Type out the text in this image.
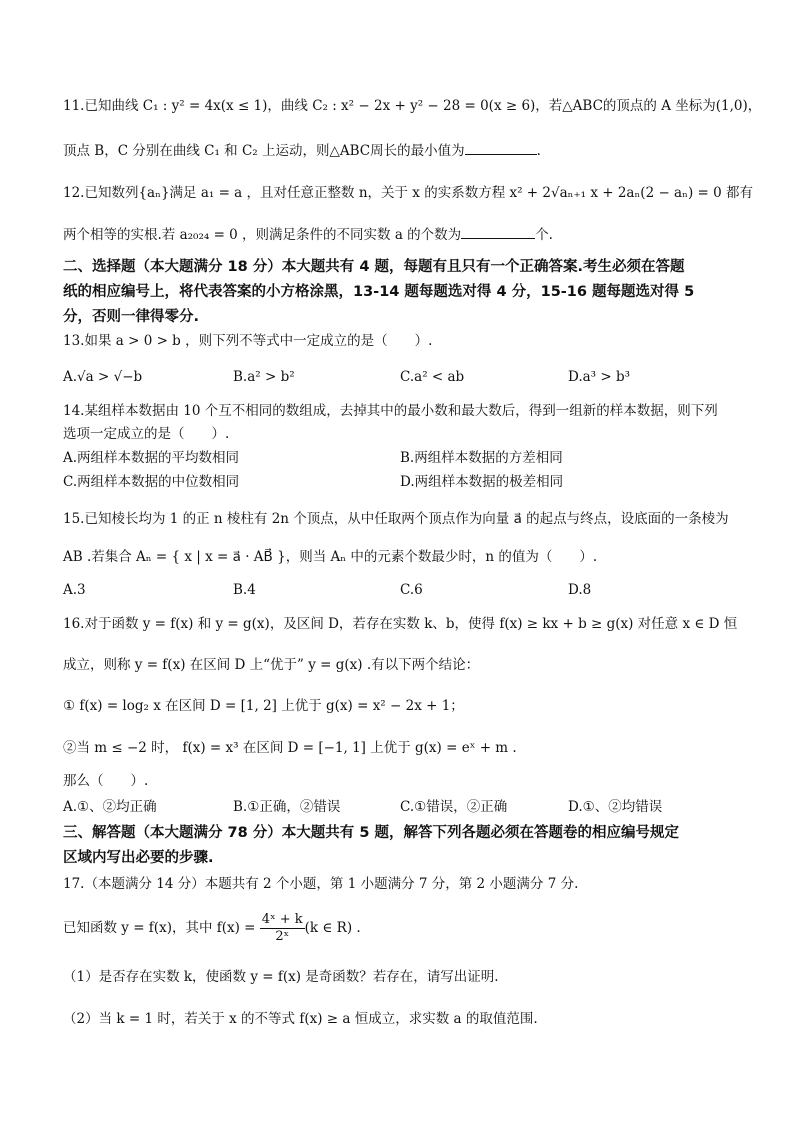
11.已知曲线 C₁ : y² = 4x(x ≤ 1)，曲线 C₂ : x² − 2x + y² − 28 = 0(x ≥ 6)，若△ABC的顶点的 A 坐标为(1,0)，
顶点 B，C 分别在曲线 C₁ 和 C₂ 上运动，则△ABC周长的最小值为	.
12.已知数列{aₙ}满足 a₁ = a ，且对任意正整数 n，关于 x 的实系数方程 x² + 2√aₙ₊₁ x + 2aₙ(2 − aₙ) = 0 都有
两个相等的实根.若 a₂₀₂₄ = 0 ，则满足条件的不同实数 a 的个数为	个.
二、选择题（本大题满分 18 分）本大题共有 4 题，每题有且只有一个正确答案.考生必须在答题
纸的相应编号上，将代表答案的小方格涂黑，13-14 题每题选对得 4 分，15-16 题每题选对得 5
分，否则一律得零分.
13.如果 a > 0 > b ，则下列不等式中一定成立的是（　　）.
A.√a > √−b	B.a² > b²	C.a² < ab	D.a³ > b³
14.某组样本数据由 10 个互不相同的数组成，去掉其中的最小数和最大数后，得到一组新的样本数据，则下列
选项一定成立的是（　　）.
A.两组样本数据的平均数相同	B.两组样本数据的方差相同
C.两组样本数据的中位数相同	D.两组样本数据的极差相同
15.已知棱长均为 1 的正 n 棱柱有 2n 个顶点，从中任取两个顶点作为向量 a⃗ 的起点与终点，设底面的一条棱为
AB .若集合 Aₙ = { x | x = a⃗ · AB⃗ }，则当 Aₙ 中的元素个数最少时，n 的值为（　　）.
A.3	B.4	C.6	D.8
16.对于函数 y = f(x) 和 y = g(x)，及区间 D，若存在实数 k、b，使得 f(x) ≥ kx + b ≥ g(x) 对任意 x ∈ D 恒
成立，则称 y = f(x) 在区间 D 上“优于” y = g(x) .有以下两个结论：
① f(x) = log₂ x 在区间 D = [1, 2] 上优于 g(x) = x² − 2x + 1；
②当 m ≤ −2 时， f(x) = x³ 在区间 D = [−1, 1] 上优于 g(x) = eˣ + m .
那么（　　）.
A.①、②均正确	B.①正确，②错误	C.①错误，②正确	D.①、②均错误
三、解答题（本大题满分 78 分）本大题共有 5 题，解答下列各题必须在答题卷的相应编号规定
区域内写出必要的步骤.
17.（本题满分 14 分）本题共有 2 个小题，第 1 小题满分 7 分，第 2 小题满分 7 分.
已知函数 y = f(x)，其中 $f(x) = \frac{\text{4ˣ + k}}{\text{2ˣ}} (k$ ∈ R) .
（1）是否存在实数 k，使函数 y = f(x) 是奇函数？若存在，请写出证明.
（2）当 k = 1 时，若关于 x 的不等式 f(x) ≥ a 恒成立，求实数 a 的取值范围.
